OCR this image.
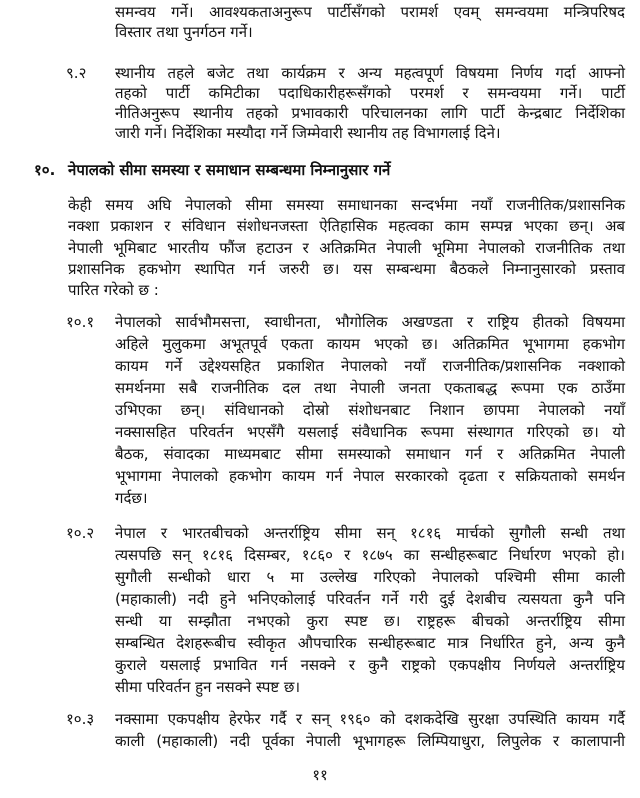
समन्वय गर्ने। आवश्यकताअनुरूप पार्टीसँगको परामर्श एवम् समन्वयमा मन्त्रिपरिषद
विस्तार तथा पुनर्गठन गर्ने।
९.२ स्थानीय तहले बजेट तथा कार्यक्रम र अन्य महत्वपूर्ण विषयमा निर्णय गर्दा आफ्नो
तहको पार्टी कमिटीका पदाधिकारीहरूसँगको परमर्श र समन्वयमा गर्ने। पार्टी
नीतिअनुरूप स्थानीय तहको प्रभावकारी परिचालनका लागि पार्टी केन्द्रबाट निर्देशिका
जारी गर्ने। निर्देशिका मस्यौदा गर्ने जिम्मेवारी स्थानीय तह विभागलाई दिने।
१०. नेपालको सीमा समस्या र समाधान सम्बन्धमा निम्नानुसार गर्ने
केही समय अघि नेपालको सीमा समस्या समाधानका सन्दर्भमा नयाँ राजनीतिक/प्रशासनिक
नक्शा प्रकाशन र संविधान संशोधनजस्ता ऐतिहासिक महत्वका काम सम्पन्न भएका छन्। अब
नेपाली भूमिबाट भारतीय फौंज हटाउन र अतिक्रमित नेपाली भूमिमा नेपालको राजनीतिक तथा
प्रशासनिक हकभोग स्थापित गर्न जरुरी छ। यस सम्बन्धमा बैठकले निम्नानुसारको प्रस्ताव
पारित गरेको छ :
१०.१ नेपालको सार्वभौमसत्ता, स्वाधीनता, भौगोलिक अखण्डता र राष्ट्रिय हीतको विषयमा
अहिले मुलुकमा अभूतपूर्व एकता कायम भएको छ। अतिक्रमित भूभागमा हकभोग
कायम गर्ने उद्देश्यसहित प्रकाशित नेपालको नयाँ राजनीतिक/प्रशासनिक नक्शाको
समर्थनमा सबै राजनीतिक दल तथा नेपाली जनता एकताबद्ध रूपमा एक ठाउँमा
उभिएका छन्। संविधानको दोस्रो संशोधनबाट निशान छापमा नेपालको नयाँ
नक्सासहित परिवर्तन भएसँगै यसलाई संवैधानिक रूपमा संस्थागत गरिएको छ। यो
बैठक, संवादका माध्यमबाट सीमा समस्याको समाधान गर्न र अतिक्रमित नेपाली
भूभागमा नेपालको हकभोग कायम गर्न नेपाल सरकारको दृढता र सक्रियताको समर्थन
गर्दछ।
१०.२ नेपाल र भारतबीचको अन्तर्राष्ट्रिय सीमा सन् १८१६ मार्चको सुगौली सन्धी तथा
त्यसपछि सन् १८१६ दिसम्बर, १८६० र १८७५ का सन्धीहरूबाट निर्धारण भएको हो।
सुगौली सन्धीको धारा ५ मा उल्लेख गरिएको नेपालको पश्चिमी सीमा काली
(महाकाली) नदी हुने भनिएकोलाई परिवर्तन गर्ने गरी दुई देशबीच त्यसयता कुनै पनि
सन्धी या सम्झौता नभएको कुरा स्पष्ट छ। राष्ट्रहरू बीचको अन्तर्राष्ट्रिय सीमा
सम्बन्धित देशहरूबीच स्वीकृत औपचारिक सन्धीहरूबाट मात्र निर्धारित हुने, अन्य कुनै
कुराले यसलाई प्रभावित गर्न नसक्ने र कुनै राष्ट्रको एकपक्षीय निर्णयले अन्तर्राष्ट्रिय
सीमा परिवर्तन हुन नसक्ने स्पष्ट छ।
१०.३ नक्सामा एकपक्षीय हेरफेर गर्दै र सन् १९६० को दशकदेखि सुरक्षा उपस्थिति कायम गर्दै
काली (महाकाली) नदी पूर्वका नेपाली भूभागहरू लिम्पियाधुरा, लिपुलेक र कालापानी
११
